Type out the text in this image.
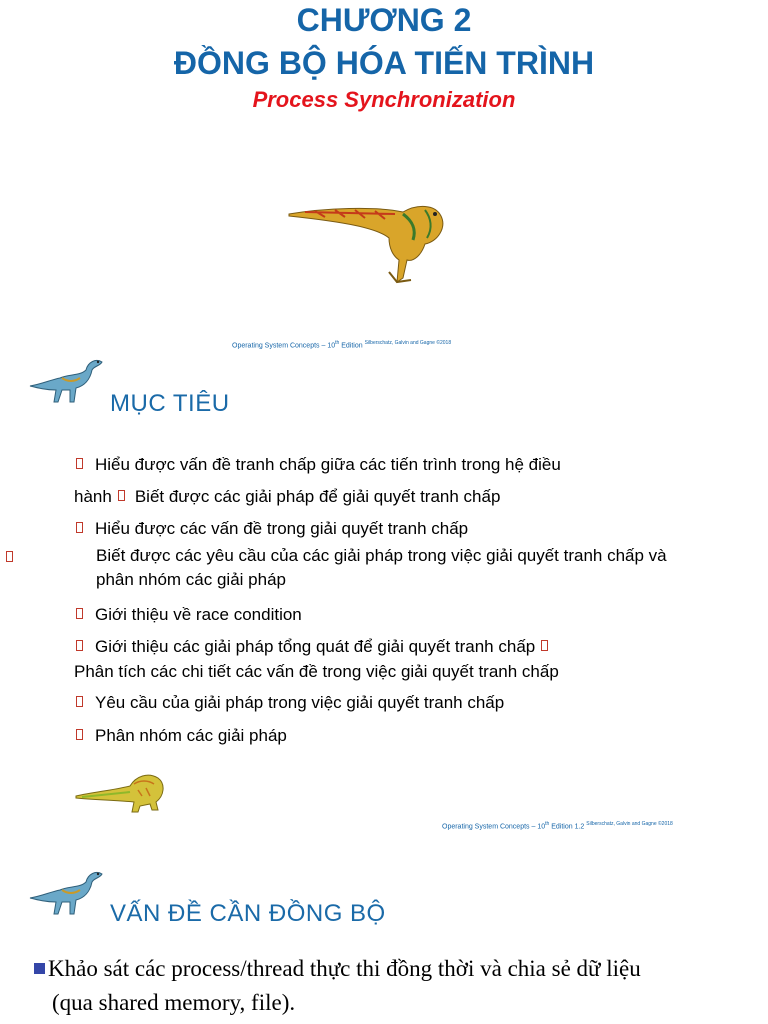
CHƯƠNG 2
ĐỒNG BỘ HÓA TIẾN TRÌNH
Process Synchronization
Operating System Concepts – 10th Edition $^{Silberschatz, Galvin and Gagne ©2018}$
MỤC TIÊU
Hiểu được vấn đề tranh chấp giữa các tiến trình trong hệ điều
hành Biết được các giải pháp để giải quyết tranh chấp
Hiểu được các vấn đề trong giải quyết tranh chấp
Biết được các yêu cầu của các giải pháp trong việc giải quyết tranh chấp và
phân nhóm các giải pháp
Giới thiệu về race condition
Giới thiệu các giải pháp tổng quát để giải quyết tranh chấp
Phân tích các chi tiết các vấn đề trong việc giải quyết tranh chấp
Yêu cầu của giải pháp trong việc giải quyết tranh chấp
Phân nhóm các giải pháp
Operating System Concepts – 10th Edition 1.2 $^{Silberschatz, Galvin and Gagne ©2018}$
VẤN ĐỀ CẦN ĐỒNG BỘ
Khảo sát các process/thread thực thi đồng thời và chia sẻ dữ liệu
(qua shared memory, file).
